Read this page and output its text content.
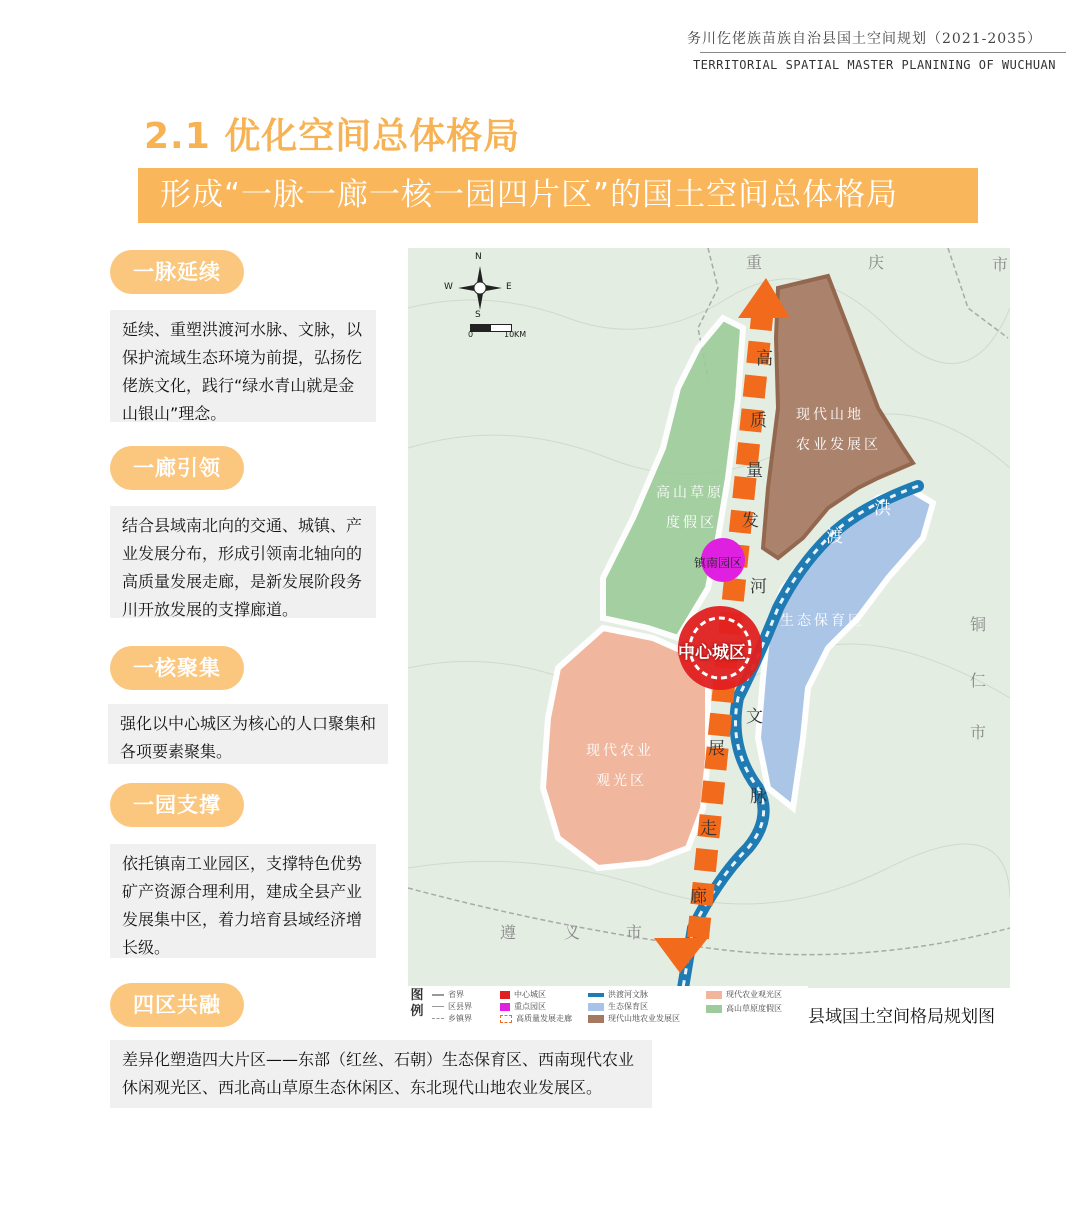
务川仡佬族苗族自治县国土空间规划（2021-2035）
TERRITORIAL SPATIAL MASTER PLANINING OF WUCHUAN
2.1 优化空间总体格局
形成“一脉一廊一核一园四片区”的国土空间总体格局
一脉延续
延续、重塑洪渡河水脉、文脉，以保护流域生态环境为前提，弘扬仡佬族文化，践行“绿水青山就是金山银山”理念。
一廊引领
结合县域南北向的交通、城镇、产业发展分布，形成引领南北轴向的高质量发展走廊，是新发展阶段务川开放发展的支撑廊道。
一核聚集
强化以中心城区为核心的人口聚集和各项要素聚集。
一园支撑
依托镇南工业园区，支撑特色优势矿产资源合理利用，建成全县产业发展集中区，着力培育县域经济增长级。
四区共融
差异化塑造四大片区——东部（红丝、石朝）生态保育区、西南现代农业休闲观光区、西北高山草原生态休闲区、东北现代山地农业发展区。
N
S
E
W
0	10 KM
现代山地
农业发展区
高山草原
度假区
生态保育区
现代农业
观光区
中心城区
镇南园区
高
质
量
发
展
走
廊
洪
渡
河
文
脉
重	庆	市
铜
仁
市
遵	义	市
图例
省界
区县界
乡镇界
中心城区
重点园区
高质量发展走廊
洪渡河文脉
生态保育区
现代山地农业发展区
现代农业观光区
高山草原度假区 县域国土空间格局规划图
